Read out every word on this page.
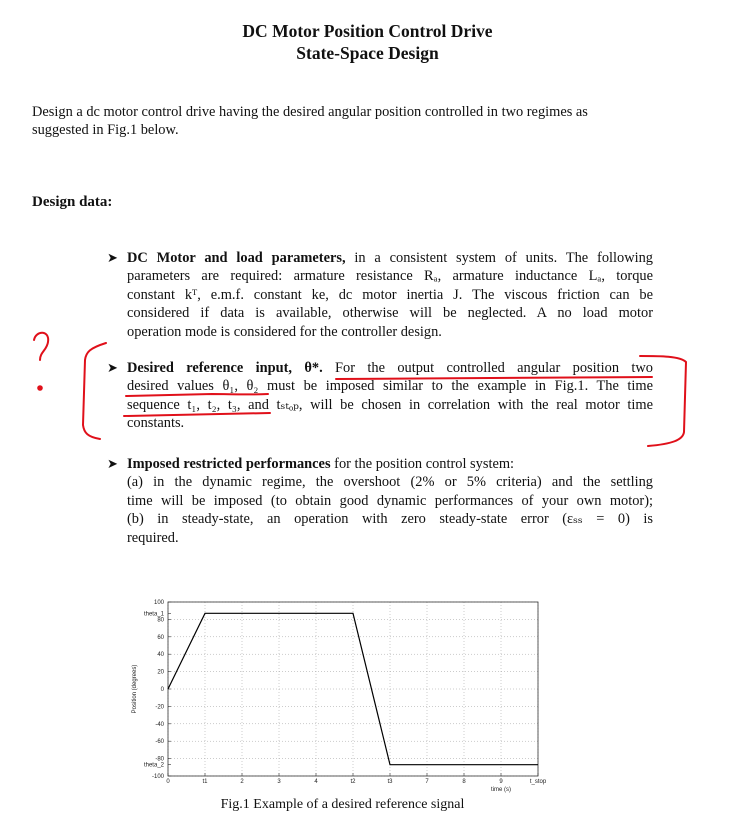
DC Motor Position Control Drive
State-Space Design
Design a dc motor control drive having the desired angular position controlled in two regimes as
suggested in Fig.1 below.
Design data:
➤ DC Motor and load parameters, in a consistent system of units. The following
parameters are required: armature resistance Rₐ, armature inductance Lₐ, torque
constant kᵀ, e.m.f. constant ke, dc motor inertia J. The viscous friction can be
considered if data is available, otherwise will be neglected. A no load motor
operation mode is considered for the controller design.
➤ Desired reference input, θ*. For the output controlled angular position two
desired values θ₁, θ₂ must be imposed similar to the example in Fig.1. The time
sequence t₁, t₂, t₃, and tₛₜₒₚ, will be chosen in correlation with the real motor time
constants.
➤ Imposed restricted performances for the position control system:
(a) in the dynamic regime, the overshoot (2% or 5% criteria) and the settling
time will be imposed (to obtain good dynamic performances of your own motor);
(b) in steady-state, an operation with zero steady-state error (εₛₛ = 0) is
required.
0	t1	2	3	4	t2	t3	7	8	9	t_stop
100
80
60
40
20
0
-20
-40
-60
-80
-100
theta_1
theta_2
time (s)
Position (degrees)
Fig.1 Example of a desired reference signal
